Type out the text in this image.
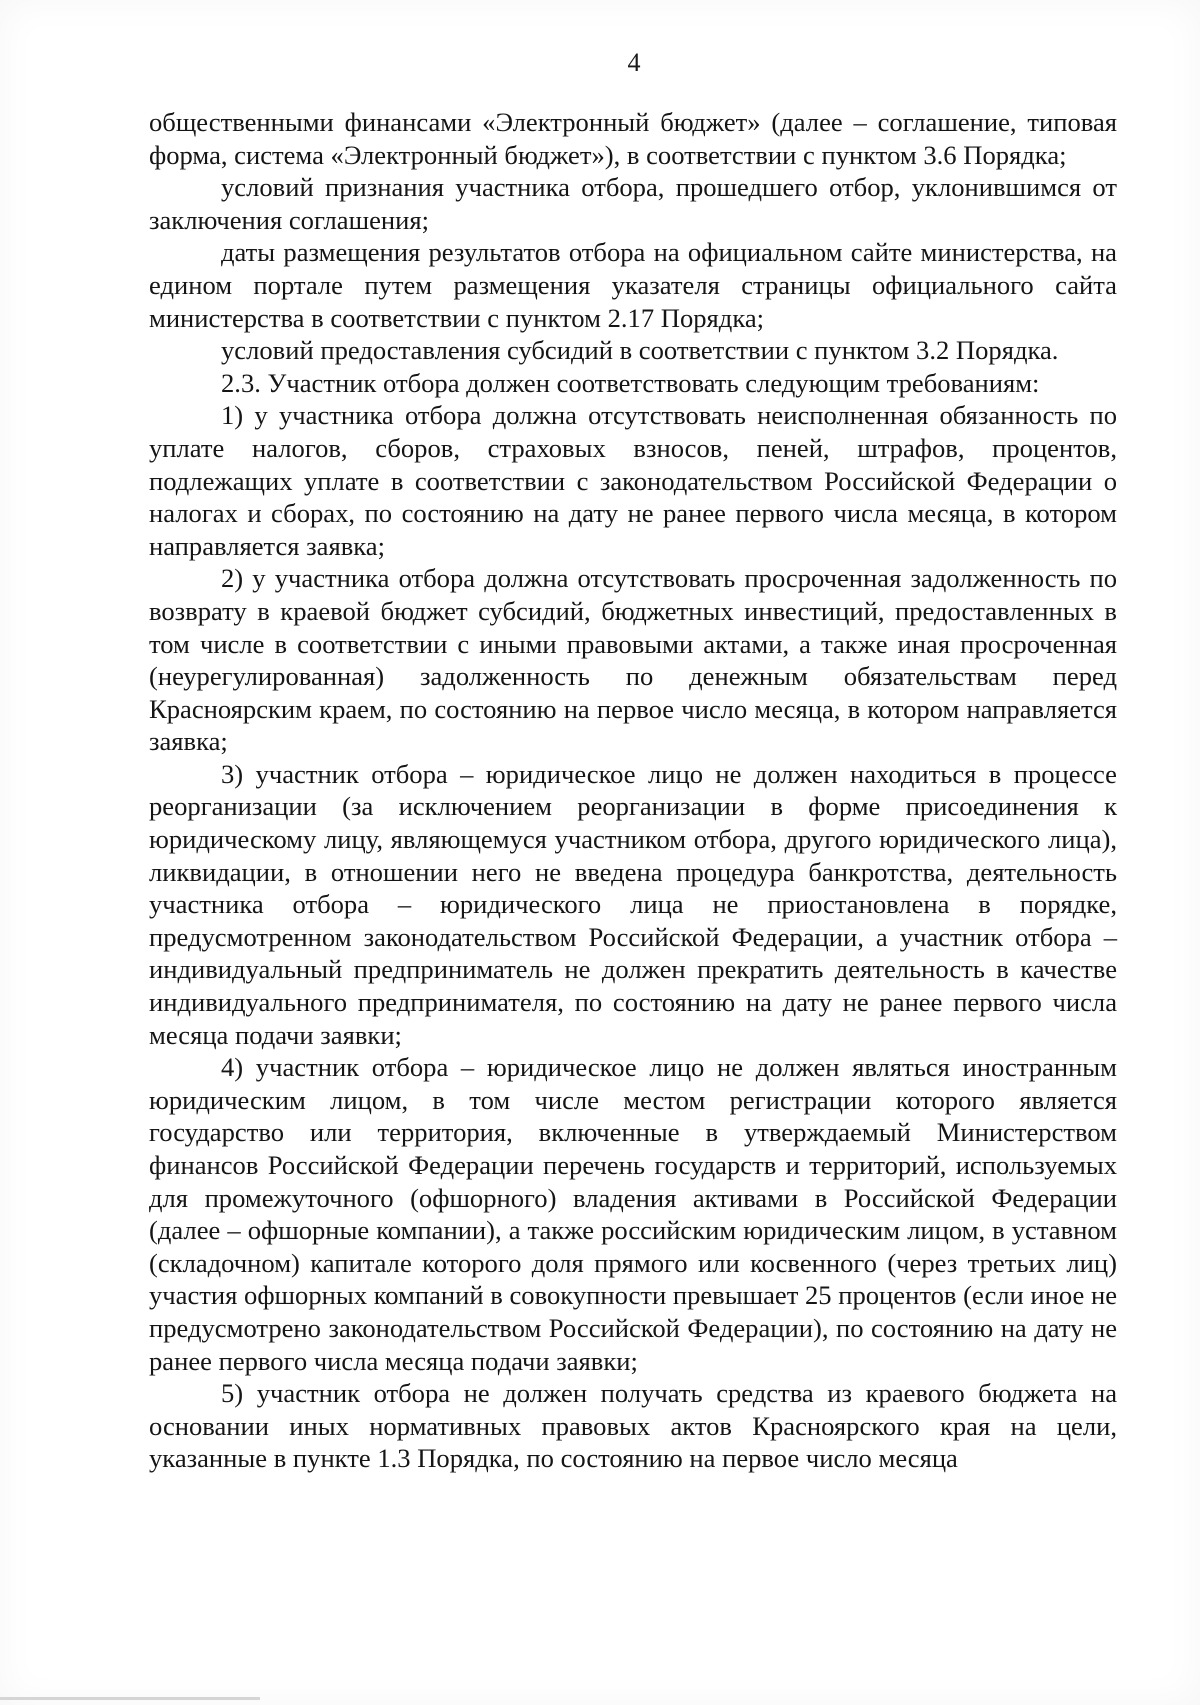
4

общественными финансами «Электронный бюджет» (далее – соглашение, типовая форма, система «Электронный бюджет»), в соответствии с пунктом 3.6 Порядка;

условий признания участника отбора, прошедшего отбор, уклонившимся от заключения соглашения;

даты размещения результатов отбора на официальном сайте министерства, на едином портале путем размещения указателя страницы официального сайта министерства в соответствии с пунктом 2.17 Порядка;

условий предоставления субсидий в соответствии с пунктом 3.2 Порядка.

2.3. Участник отбора должен соответствовать следующим требованиям:

1) у участника отбора должна отсутствовать неисполненная обязанность по уплате налогов, сборов, страховых взносов, пеней, штрафов, процентов, подлежащих уплате в соответствии с законодательством Российской Федерации о налогах и сборах, по состоянию на дату не ранее первого числа месяца, в котором направляется заявка;

2) у участника отбора должна отсутствовать просроченная задолженность по возврату в краевой бюджет субсидий, бюджетных инвестиций, предоставленных в том числе в соответствии с иными правовыми актами, а также иная просроченная (неурегулированная) задолженность по денежным обязательствам перед Красноярским краем, по состоянию на первое число месяца, в котором направляется заявка;

3) участник отбора – юридическое лицо не должен находиться в процессе реорганизации (за исключением реорганизации в форме присоединения к юридическому лицу, являющемуся участником отбора, другого юридического лица), ликвидации, в отношении него не введена процедура банкротства, деятельность участника отбора – юридического лица не приостановлена в порядке, предусмотренном законодательством Российской Федерации, а участник отбора – индивидуальный предприниматель не должен прекратить деятельность в качестве индивидуального предпринимателя, по состоянию на дату не ранее первого числа месяца подачи заявки;

4) участник отбора – юридическое лицо не должен являться иностранным юридическим лицом, в том числе местом регистрации которого является государство или территория, включенные в утверждаемый Министерством финансов Российской Федерации перечень государств и территорий, используемых для промежуточного (офшорного) владения активами в Российской Федерации (далее – офшорные компании), а также российским юридическим лицом, в уставном (складочном) капитале которого доля прямого или косвенного (через третьих лиц) участия офшорных компаний в совокупности превышает 25 процентов (если иное не предусмотрено законодательством Российской Федерации), по состоянию на дату не ранее первого числа месяца подачи заявки;

5) участник отбора не должен получать средства из краевого бюджета на основании иных нормативных правовых актов Красноярского края на цели, указанные в пункте 1.3 Порядка, по состоянию на первое число месяца
